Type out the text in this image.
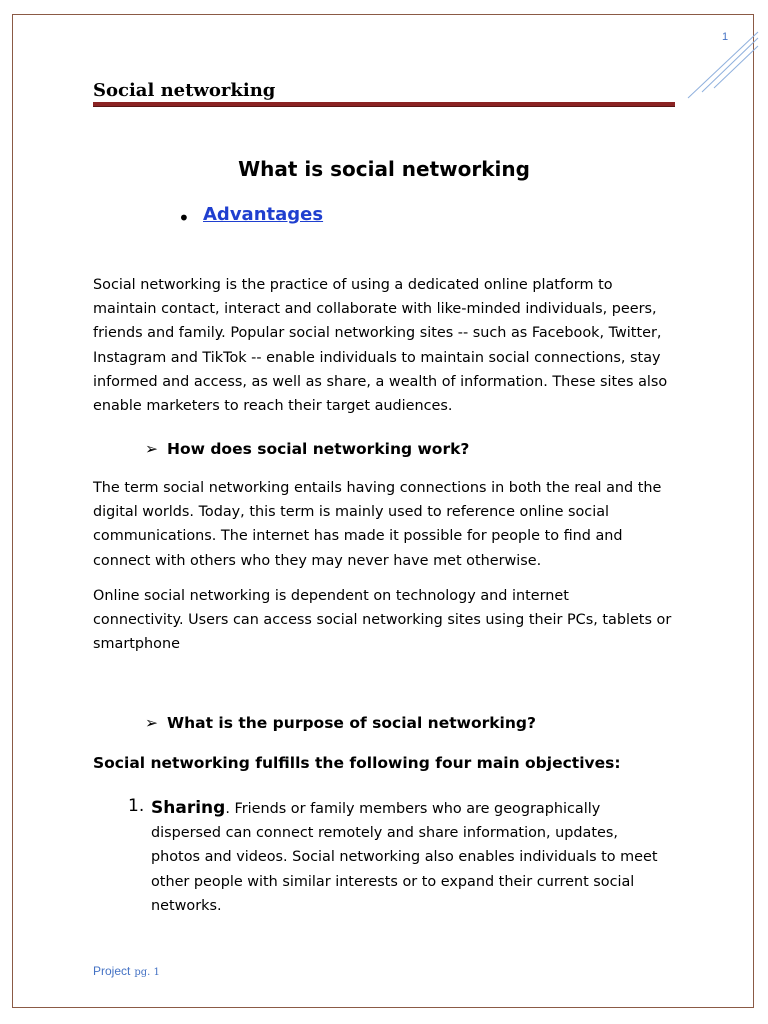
1
Social networking
What is social networking
• Advantages

Social networking is the practice of using a dedicated online platform to
maintain contact, interact and collaborate with like-minded individuals, peers,
friends and family. Popular social networking sites -- such as Facebook, Twitter,
Instagram and TikTok -- enable individuals to maintain social connections, stay
informed and access, as well as share, a wealth of information. These sites also
enable marketers to reach their target audiences.

➢ How does social networking work?

The term social networking entails having connections in both the real and the
digital worlds. Today, this term is mainly used to reference online social
communications. The internet has made it possible for people to find and
connect with others who they may never have met otherwise.

Online social networking is dependent on technology and internet
connectivity. Users can access social networking sites using their PCs, tablets or
smartphone

➢ What is the purpose of social networking?
Social networking fulfills the following four main objectives:
1. Sharing. Friends or family members who are geographically
dispersed can connect remotely and share information, updates,
photos and videos. Social networking also enables individuals to meet
other people with similar interests or to expand their current social
networks.
Project pg. 1
